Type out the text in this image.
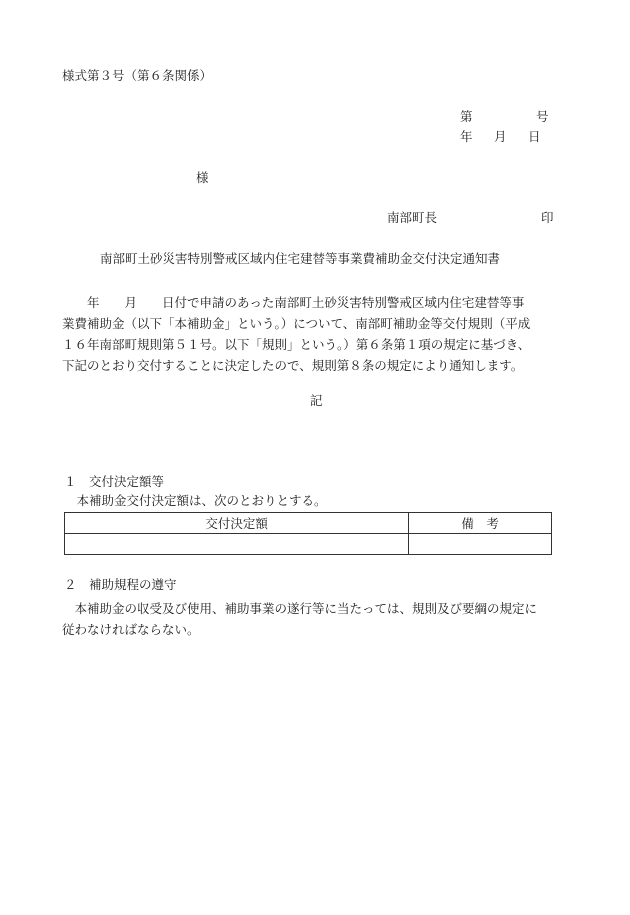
様式第３号（第６条関係）
第	号
年 月 日
様
南部町長	印
南部町土砂災害特別警戒区域内住宅建替等事業費補助金交付決定通知書
　　年　　月　　日付で申請のあった南部町土砂災害特別警戒区域内住宅建替等事
業費補助金（以下「本補助金」という。）について、南部町補助金等交付規則（平成
１６年南部町規則第５１号。以下「規則」という。）第６条第１項の規定に基づき、
下記のとおり交付することに決定したので、規則第８条の規定により通知します。
記
１　交付決定額等
　本補助金交付決定額は、次のとおりとする。
交付決定額	備　考

２　補助規程の遵守
　本補助金の収受及び使用、補助事業の遂行等に当たっては、規則及び要綱の規定に
従わなければならない。
